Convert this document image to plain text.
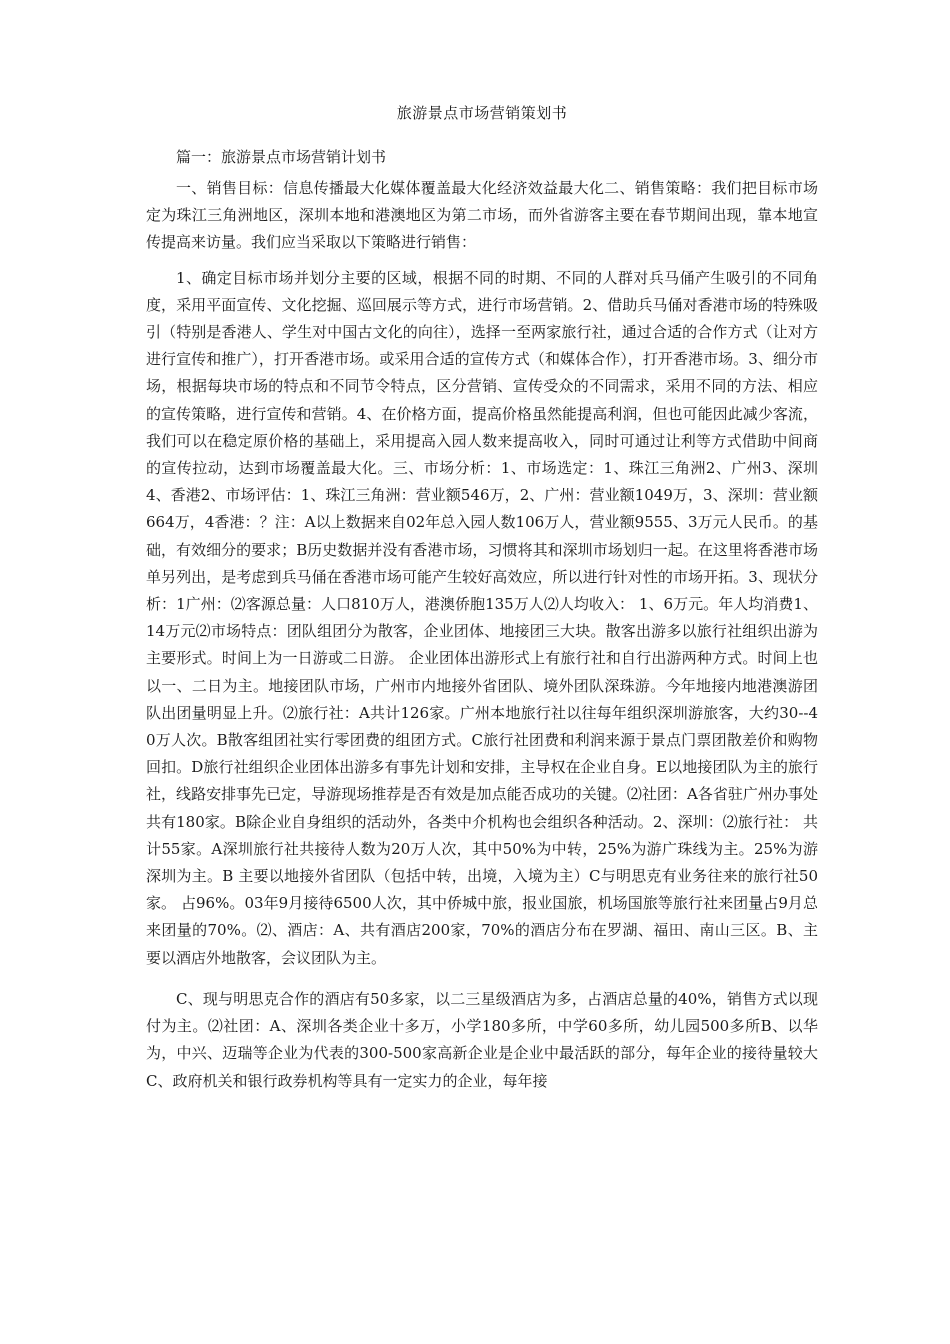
旅游景点市场营销策划书
篇一：旅游景点市场营销计划书

一、销售目标：信息传播最大化媒体覆盖最大化经济效益最大化二、销售策略：我们把目标市场定为珠江三角洲地区，深圳本地和港澳地区为第二市场，而外省游客主要在春节期间出现，靠本地宣传提高来访量。我们应当采取以下策略进行销售：

1、确定目标市场并划分主要的区域，根据不同的时期、不同的人群对兵马俑产生吸引的不同角度，采用平面宣传、文化挖掘、巡回展示等方式，进行市场营销。2、借助兵马俑对香港市场的特殊吸引（特别是香港人、学生对中国古文化的向往），选择一至两家旅行社，通过合适的合作方式（让对方进行宣传和推广），打开香港市场。或采用合适的宣传方式（和媒体合作），打开香港市场。3、细分市场，根据每块市场的特点和不同节令特点，区分营销、宣传受众的不同需求，采用不同的方法、相应的宣传策略，进行宣传和营销。4、在价格方面，提高价格虽然能提高利润，但也可能因此减少客流，我们可以在稳定原价格的基础上，采用提高入园人数来提高收入，同时可通过让利等方式借助中间商的宣传拉动，达到市场覆盖最大化。三、市场分析：1、市场选定：1、珠江三角洲2、广州3、深圳4、香港2、市场评估：1、珠江三角洲：营业额546万，2、广州：营业额1049万，3、深圳：营业额664万，4香港：？注：A以上数据来自02年总入园人数106万人，营业额9555、3万元人民币。的基础，有效细分的要求；B历史数据并没有香港市场，习惯将其和深圳市场划归一起。在这里将香港市场单另列出，是考虑到兵马俑在香港市场可能产生较好高效应，所以进行针对性的市场开拓。3、现状分析：1广州：⑵客源总量：人口810万人，港澳侨胞135万人⑵人均收入： 1、6万元。年人均消费1、14万元⑵市场特点：团队组团分为散客，企业团体、地接团三大块。散客出游多以旅行社组织出游为主要形式。时间上为一日游或二日游。 企业团体出游形式上有旅行社和自行出游两种方式。时间上也以一、二日为主。地接团队市场，广州市内地接外省团队、境外团队深珠游。今年地接内地港澳游团队出团量明显上升。⑵旅行社：A共计126家。广州本地旅行社以往每年组织深圳游旅客，大约30--40万人次。B散客组团社实行零团费的组团方式。C旅行社团费和利润来源于景点门票团散差价和购物回扣。D旅行社组织企业团体出游多有事先计划和安排，主导权在企业自身。E以地接团队为主的旅行社，线路安排事先已定，导游现场推荐是否有效是加点能否成功的关键。⑵社团：A各省驻广州办事处共有180家。B除企业自身组织的活动外，各类中介机构也会组织各种活动。2、深圳：⑵旅行社： 共计55家。A深圳旅行社共接待人数为20万人次，其中50%为中转，25%为游广珠线为主。25%为游深圳为主。B 主要以地接外省团队（包括中转，出境，入境为主）C与明思克有业务往来的旅行社50家。 占96%。03年9月接待6500人次，其中侨城中旅，报业国旅，机场国旅等旅行社来团量占9月总来团量的70%。⑵、酒店：A、共有酒店200家，70%的酒店分布在罗湖、福田、南山三区。B、主要以酒店外地散客，会议团队为主。

C、现与明思克合作的酒店有50多家，以二三星级酒店为多，占酒店总量的40%，销售方式以现付为主。⑵社团：A、深圳各类企业十多万，小学180多所，中学60多所，幼儿园500多所B、以华为，中兴、迈瑞等企业为代表的300-500家高新企业是企业中最活跃的部分，每年企业的接待量较大C、政府机关和银行政券机构等具有一定实力的企业，每年接
